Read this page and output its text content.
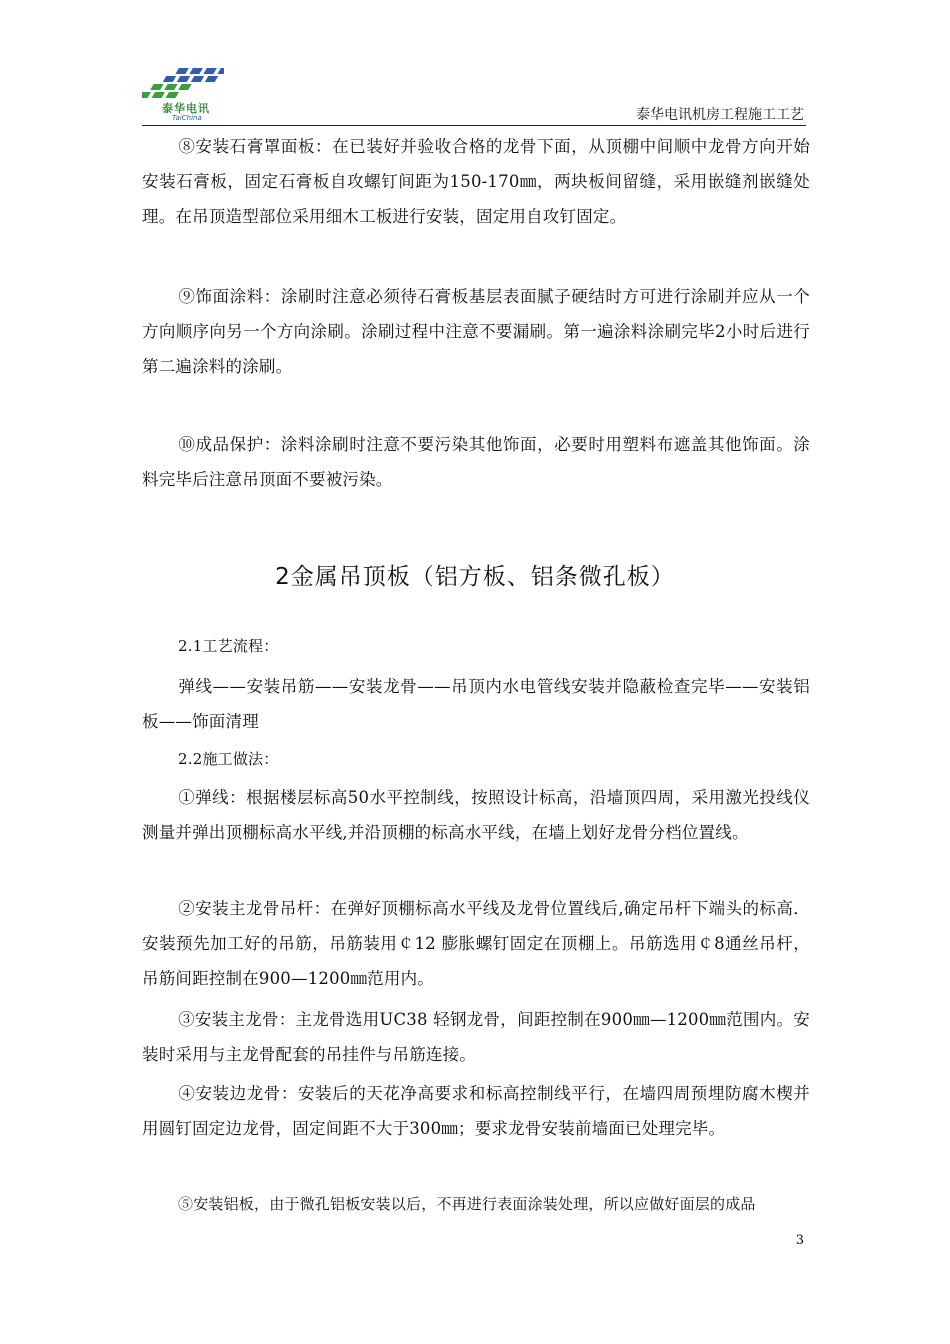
泰华电讯
TaiChina	泰华电讯机房工程施工工艺

⑧安装石膏罩面板：在已装好并验收合格的龙骨下面，从顶棚中间顺中龙骨方向开始安装石膏板，固定石膏板自攻螺钉间距为150-170㎜，两块板间留缝，采用嵌缝剂嵌缝处理。在吊顶造型部位采用细木工板进行安装，固定用自攻钉固定。

⑨饰面涂料：涂刷时注意必须待石膏板基层表面腻子硬结时方可进行涂刷并应从一个方向顺序向另一个方向涂刷。涂刷过程中注意不要漏刷。第一遍涂料涂刷完毕2小时后进行第二遍涂料的涂刷。

⑩成品保护：涂料涂刷时注意不要污染其他饰面，必要时用塑料布遮盖其他饰面。涂料完毕后注意吊顶面不要被污染。

2金属吊顶板（铝方板、铝条微孔板）

2.1工艺流程：

弹线——安装吊筋——安装龙骨——吊顶内水电管线安装并隐蔽检查完毕——安装铝板——饰面清理

2.2施工做法：

①弹线：根据楼层标高50水平控制线，按照设计标高，沿墙顶四周，采用激光投线仪测量并弹出顶棚标高水平线,并沿顶棚的标高水平线，在墙上划好龙骨分档位置线。

②安装主龙骨吊杆：在弹好顶棚标高水平线及龙骨位置线后,确定吊杆下端头的标高．安装预先加工好的吊筋，吊筋装用￠12 膨胀螺钉固定在顶棚上。吊筋选用￠8通丝吊杆，吊筋间距控制在900—1200㎜范用内。

③安装主龙骨：主龙骨选用UC38 轻钢龙骨，间距控制在900㎜—1200㎜范围内。安装时采用与主龙骨配套的吊挂件与吊筋连接。

④安装边龙骨：安装后的天花净高要求和标高控制线平行，在墙四周预埋防腐木楔并用圆钉固定边龙骨，固定间距不大于300㎜；要求龙骨安装前墙面已处理完毕。

⑤安装铝板，由于微孔铝板安装以后，不再进行表面涂装处理，所以应做好面层的成品

3
